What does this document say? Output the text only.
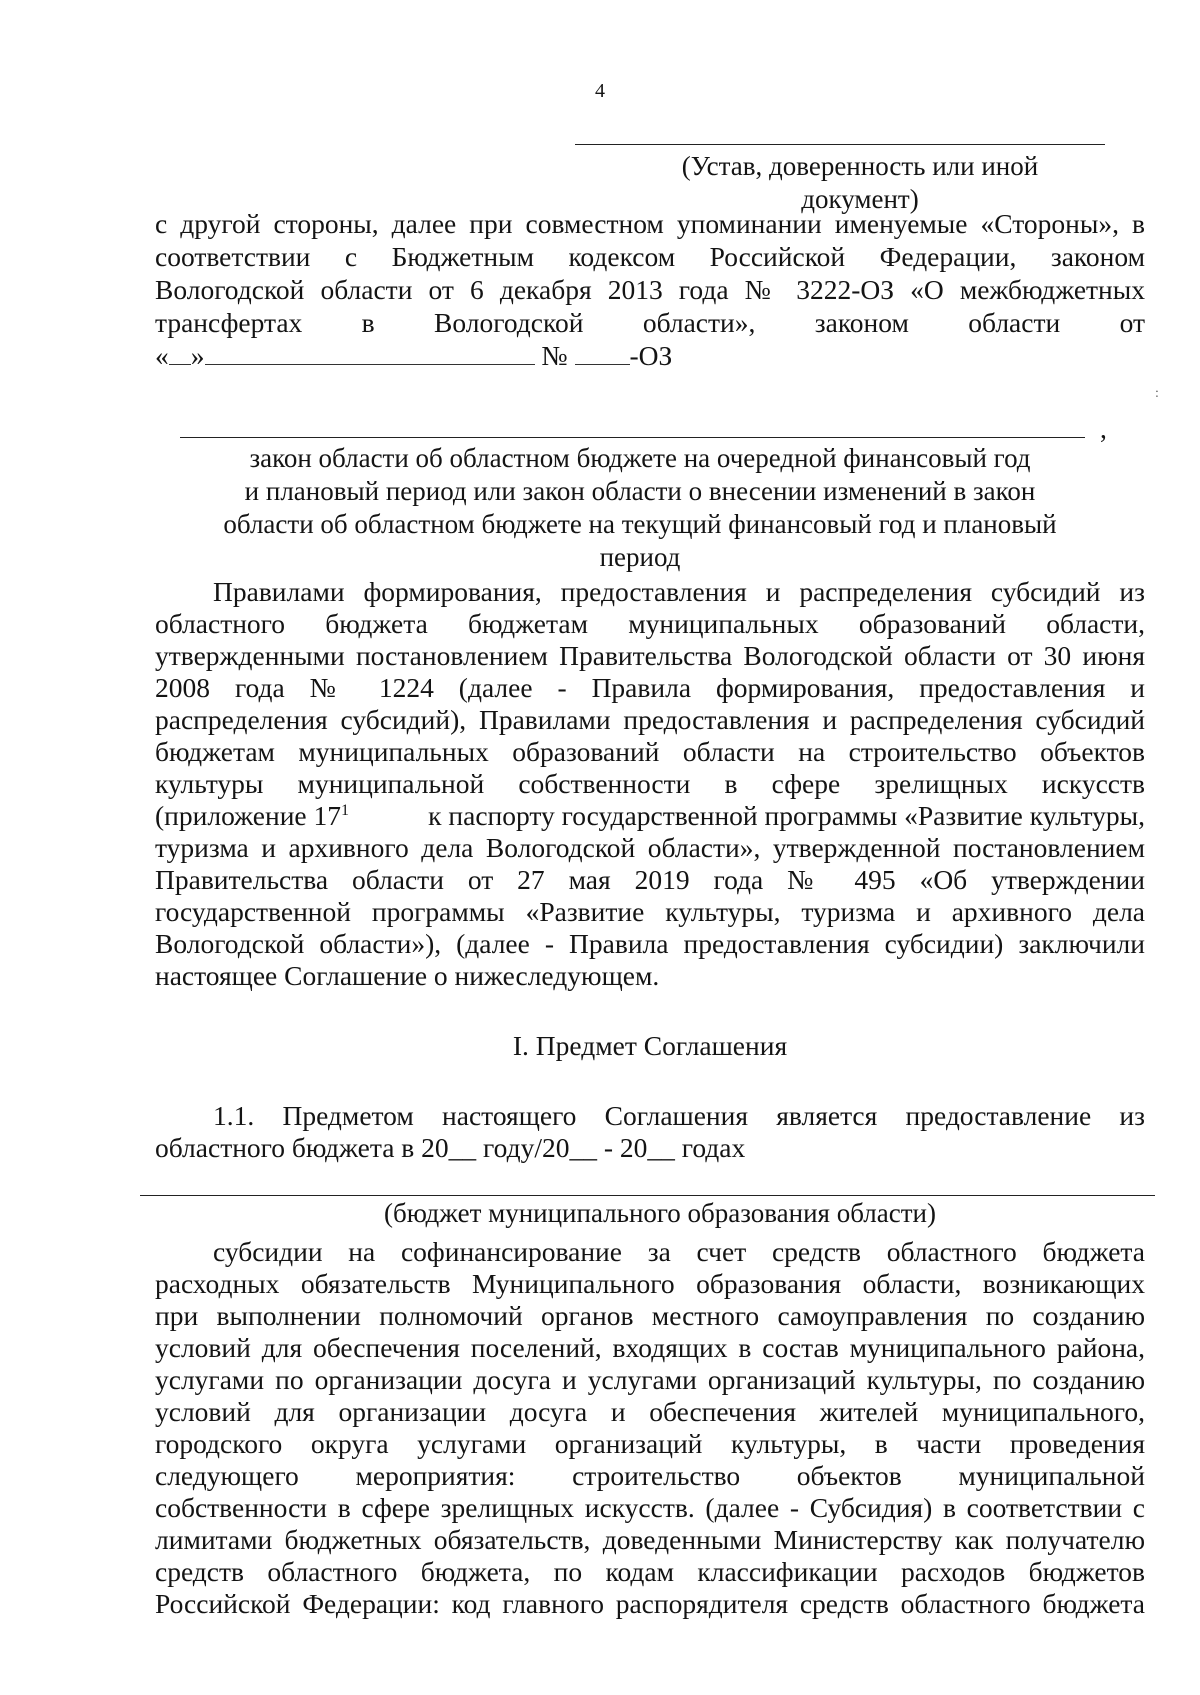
4
(Устав, доверенность или иной документ)
с другой стороны, далее при совместном упоминании именуемые «Стороны», в
соответствии с Бюджетным кодексом Российской Федерации, законом
Вологодской области от 6 декабря 2013 года № 3222-ОЗ «О межбюджетных
трансфертах в Вологодской области», законом области от
« »	№ -ОЗ
:
,
закон области об областном бюджете на очередной финансовый год
и плановый период или закон области о внесении изменений в закон
области об областном бюджете на текущий финансовый год и плановый
период
Правилами формирования, предоставления и распределения субсидий из
областного бюджета бюджетам муниципальных образований области,
утвержденными постановлением Правительства Вологодской области от 30 июня
2008 года № 1224 (далее - Правила формирования, предоставления и
распределения субсидий), Правилами предоставления и распределения субсидий
бюджетам муниципальных образований области на строительство объектов
культуры муниципальной собственности в сфере зрелищных искусств
(приложение $17^1$	к паспорту государственной программы «Развитие культуры,
туризма и архивного дела Вологодской области», утвержденной постановлением
Правительства области от 27 мая 2019 года № 495 «Об утверждении
государственной программы «Развитие культуры, туризма и архивного дела
Вологодской области»), (далее - Правила предоставления субсидии) заключили
настоящее Соглашение о нижеследующем.
I. Предмет Соглашения
1.1. Предметом настоящего Соглашения является предоставление из
областного бюджета в 20__ году/20__ - 20__ годах
(бюджет муниципального образования области)
субсидии на софинансирование за счет средств областного бюджета
расходных обязательств Муниципального образования области, возникающих
при выполнении полномочий органов местного самоуправления по созданию
условий для обеспечения поселений, входящих в состав муниципального района,
услугами по организации досуга и услугами организаций культуры, по созданию
условий для организации досуга и обеспечения жителей муниципального,
городского округа услугами организаций культуры, в части проведения
следующего мероприятия: строительство объектов муниципальной
собственности в сфере зрелищных искусств. (далее - Субсидия) в соответствии с
лимитами бюджетных обязательств, доведенными Министерству как получателю
средств областного бюджета, по кодам классификации расходов бюджетов
Российской Федерации: код главного распорядителя средств областного бюджета
